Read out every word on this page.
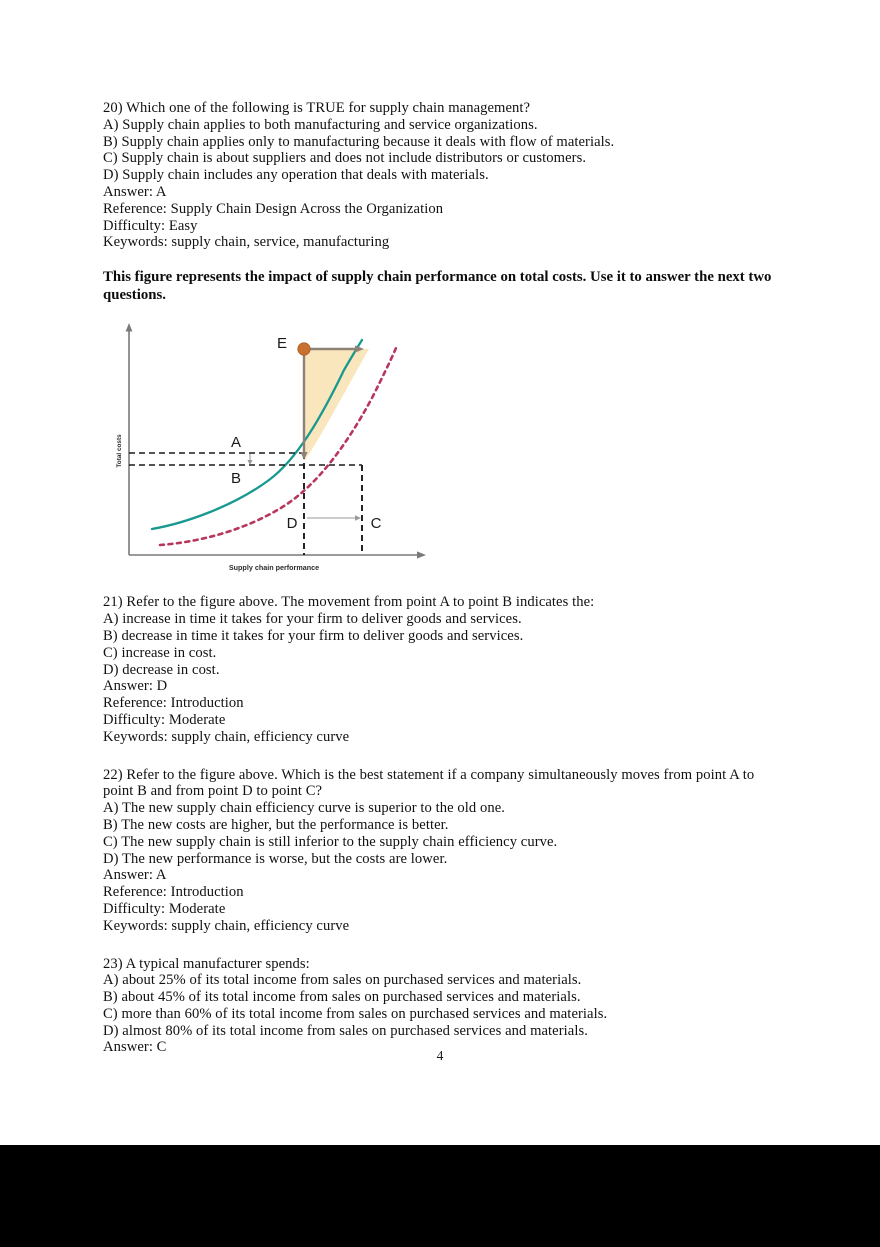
20) Which one of the following is TRUE for supply chain management?
A) Supply chain applies to both manufacturing and service organizations.
B) Supply chain applies only to manufacturing because it deals with flow of materials.
C) Supply chain is about suppliers and does not include distributors or customers.
D) Supply chain includes any operation that deals with materials.
Answer: A
Reference: Supply Chain Design Across the Organization
Difficulty: Easy
Keywords: supply chain, service, manufacturing
This figure represents the impact of supply chain performance on total costs. Use it to answer the next two questions.
Total costs
Supply chain performance
E
A
B
D	C
21) Refer to the figure above. The movement from point A to point B indicates the:
A) increase in time it takes for your firm to deliver goods and services.
B) decrease in time it takes for your firm to deliver goods and services.
C) increase in cost.
D) decrease in cost.
Answer: D
Reference: Introduction
Difficulty: Moderate
Keywords: supply chain, efficiency curve
22) Refer to the figure above. Which is the best statement if a company simultaneously moves from point A to point B and from point D to point C?
A) The new supply chain efficiency curve is superior to the old one.
B) The new costs are higher, but the performance is better.
C) The new supply chain is still inferior to the supply chain efficiency curve.
D) The new performance is worse, but the costs are lower.
Answer: A
Reference: Introduction
Difficulty: Moderate
Keywords: supply chain, efficiency curve
23) A typical manufacturer spends:
A) about 25% of its total income from sales on purchased services and materials.
B) about 45% of its total income from sales on purchased services and materials.
C) more than 60% of its total income from sales on purchased services and materials.
D) almost 80% of its total income from sales on purchased services and materials.
Answer: C
4
